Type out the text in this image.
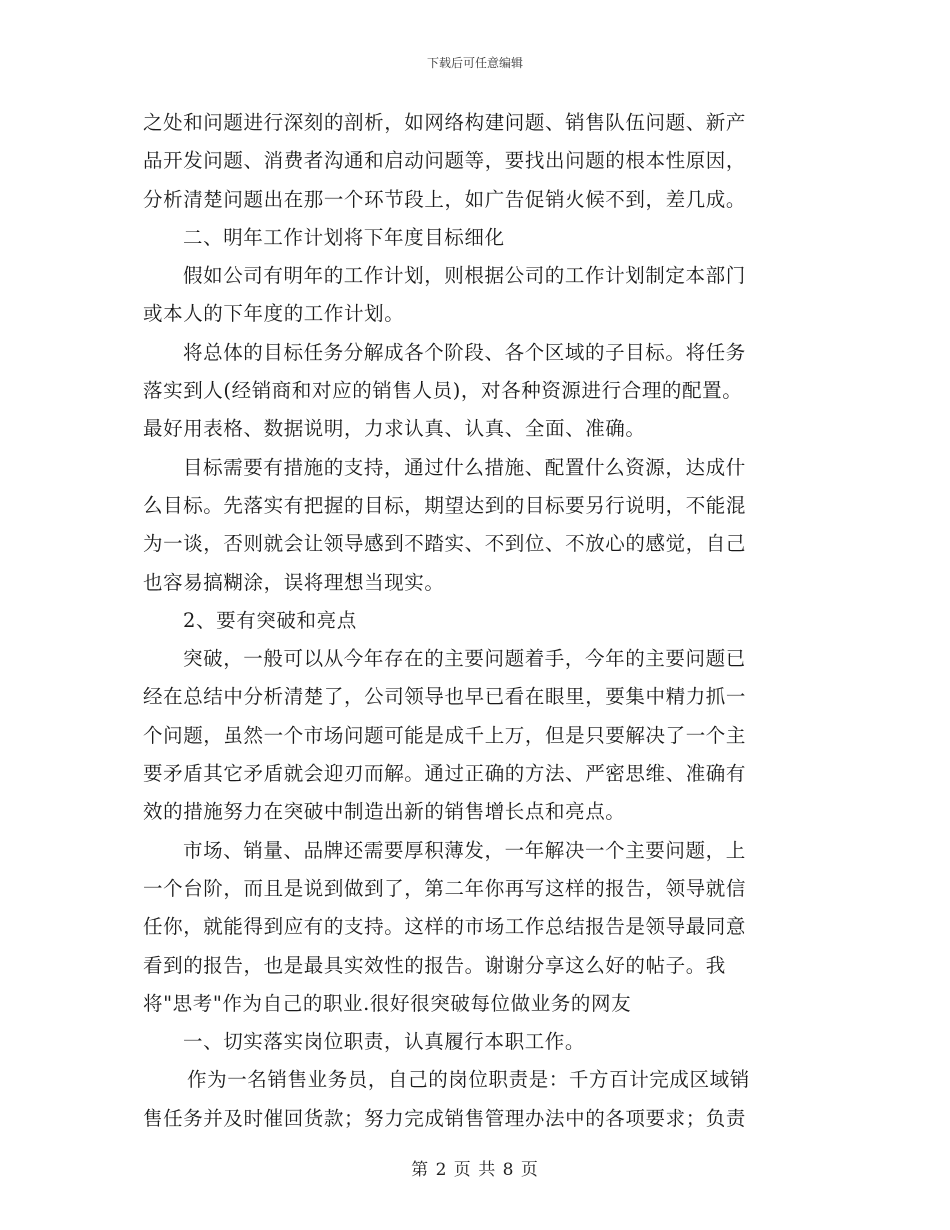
下载后可任意编辑
之处和问题进行深刻的剖析，如网络构建问题、销售队伍问题、新产
品开发问题、消费者沟通和启动问题等，要找出问题的根本性原因，
分析清楚问题出在那一个环节段上，如广告促销火候不到，差几成。
二、明年工作计划将下年度目标细化
假如公司有明年的工作计划，则根据公司的工作计划制定本部门
或本人的下年度的工作计划。
将总体的目标任务分解成各个阶段、各个区域的子目标。将任务
落实到人(经销商和对应的销售人员)，对各种资源进行合理的配置。
最好用表格、数据说明，力求认真、认真、全面、准确。
目标需要有措施的支持，通过什么措施、配置什么资源，达成什
么目标。先落实有把握的目标，期望达到的目标要另行说明，不能混
为一谈，否则就会让领导感到不踏实、不到位、不放心的感觉，自己
也容易搞糊涂，误将理想当现实。
2、要有突破和亮点
突破，一般可以从今年存在的主要问题着手，今年的主要问题已
经在总结中分析清楚了，公司领导也早已看在眼里，要集中精力抓一
个问题，虽然一个市场问题可能是成千上万，但是只要解决了一个主
要矛盾其它矛盾就会迎刃而解。通过正确的方法、严密思维、准确有
效的措施努力在突破中制造出新的销售增长点和亮点。
市场、销量、品牌还需要厚积薄发，一年解决一个主要问题，上
一个台阶，而且是说到做到了，第二年你再写这样的报告，领导就信
任你，就能得到应有的支持。这样的市场工作总结报告是领导最同意
看到的报告，也是最具实效性的报告。谢谢分享这么好的帖子。我
将"思考"作为自己的职业.很好很突破每位做业务的网友
一、切实落实岗位职责，认真履行本职工作。
作为一名销售业务员，自己的岗位职责是：千方百计完成区域销
售任务并及时催回货款；努力完成销售管理办法中的各项要求；负责
第 2 页 共 8 页
